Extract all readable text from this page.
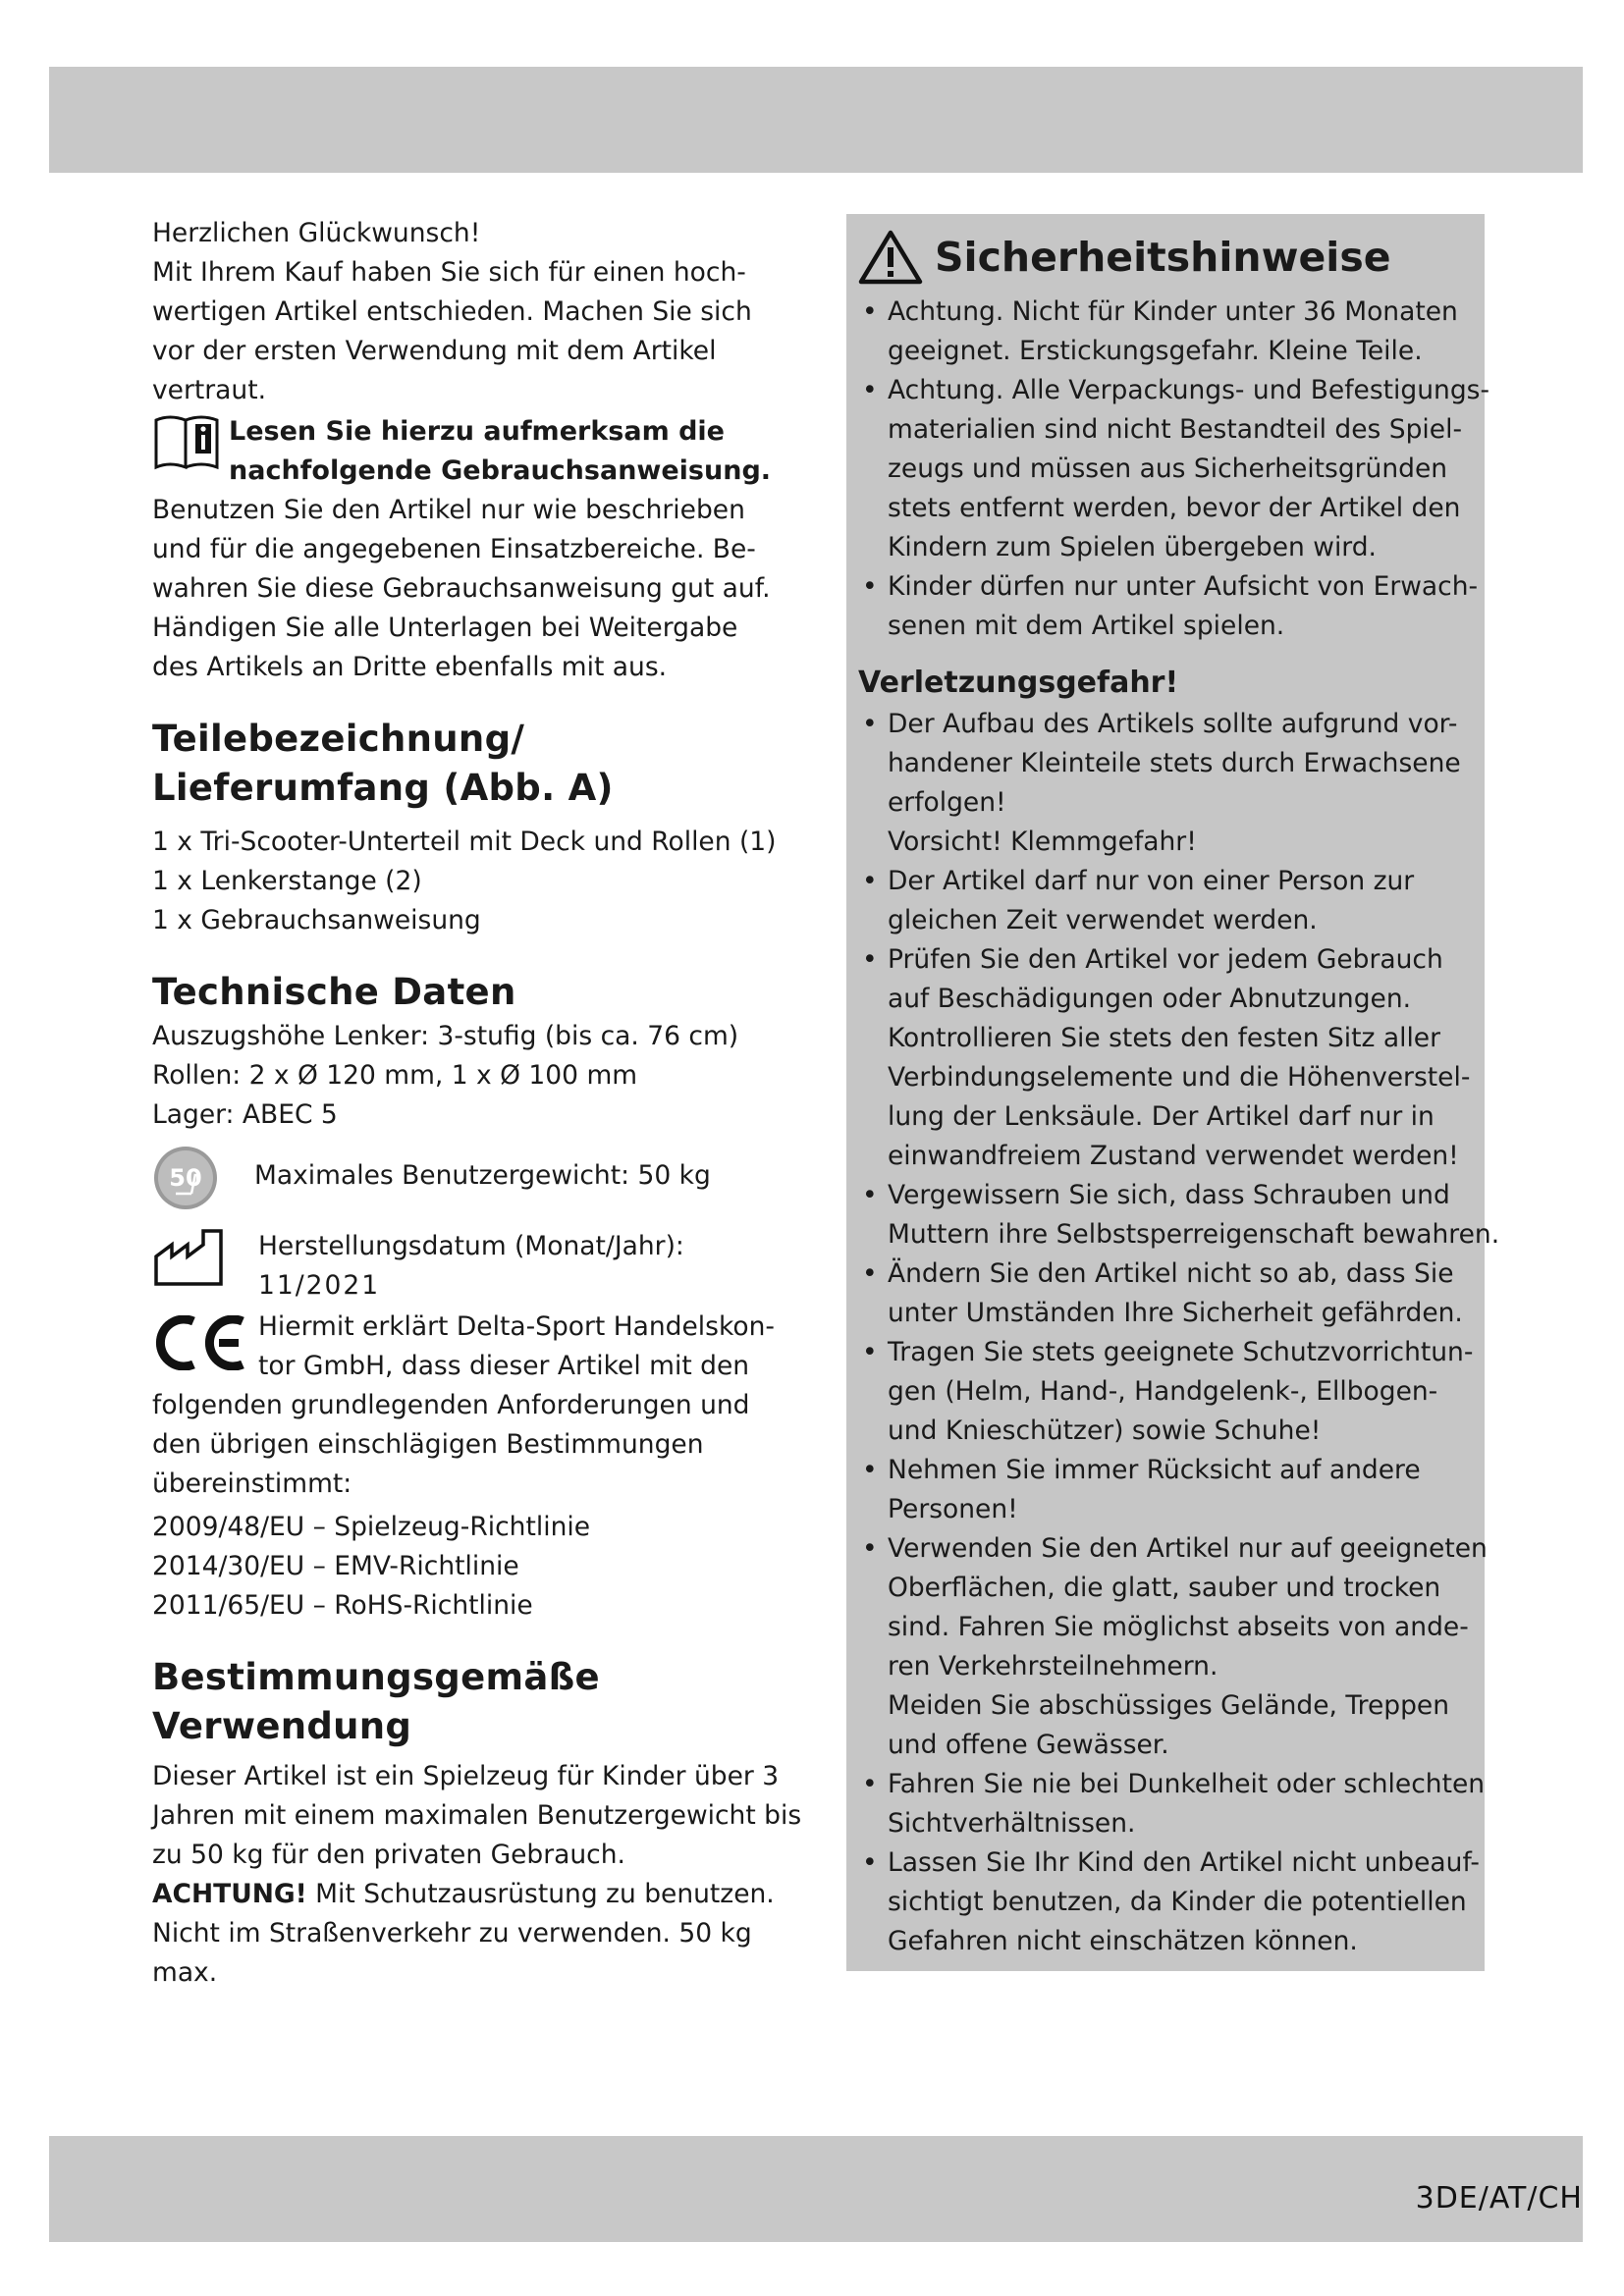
Herzlichen Glückwunsch!

Mit Ihrem Kauf haben Sie sich für einen hoch-

wertigen Artikel entschieden. Machen Sie sich

vor der ersten Verwendung mit dem Artikel

vertraut.

Lesen Sie hierzu aufmerksam die
nachfolgende Gebrauchsanweisung.

Benutzen Sie den Artikel nur wie beschrieben

und für die angegebenen Einsatzbereiche. Be-

wahren Sie diese Gebrauchsanweisung gut auf.

Händigen Sie alle Unterlagen bei Weitergabe

des Artikels an Dritte ebenfalls mit aus.

Teilebezeichnung/

Lieferumfang (Abb. A)

1 x Tri-Scooter-Unterteil mit Deck und Rollen (1)

1 x Lenkerstange (2)

1 x Gebrauchsanweisung

Technische Daten

Auszugshöhe Lenker: 3-stufig (bis ca. 76 cm)

Rollen: 2 x Ø 120 mm, 1 x Ø 100 mm

Lager: ABEC 5

50 Maximales Benutzergewicht: 50 kg

Herstellungsdatum (Monat/Jahr):

11/2021

Hiermit erklärt Delta-Sport Handelskon-

tor GmbH, dass dieser Artikel mit den

folgenden grundlegenden Anforderungen und

den übrigen einschlägigen Bestimmungen

übereinstimmt:

2009/48/EU – Spielzeug-Richtlinie

2014/30/EU – EMV-Richtlinie

2011/65/EU – RoHS-Richtlinie

Bestimmungsgemäße

Verwendung

Dieser Artikel ist ein Spielzeug für Kinder über 3

Jahren mit einem maximalen Benutzergewicht bis

zu 50 kg für den privaten Gebrauch.

ACHTUNG! Mit Schutzausrüstung zu benutzen.

Nicht im Straßenverkehr zu verwenden. 50 kg

max.

Sicherheitshinweise
• Achtung. Nicht für Kinder unter 36 Monaten
geeignet. Erstickungsgefahr. Kleine Teile.
• Achtung. Alle Verpackungs- und Befestigungs-
materialien sind nicht Bestandteil des Spiel-
zeugs und müssen aus Sicherheitsgründen
stets entfernt werden, bevor der Artikel den
Kindern zum Spielen übergeben wird.
• Kinder dürfen nur unter Aufsicht von Erwach-
senen mit dem Artikel spielen.

Verletzungsgefahr!

• Der Aufbau des Artikels sollte aufgrund vor-
handener Kleinteile stets durch Erwachsene
erfolgen!
Vorsicht! Klemmgefahr!
• Der Artikel darf nur von einer Person zur
gleichen Zeit verwendet werden.
• Prüfen Sie den Artikel vor jedem Gebrauch
auf Beschädigungen oder Abnutzungen.
Kontrollieren Sie stets den festen Sitz aller
Verbindungselemente und die Höhenverstel-
lung der Lenksäule. Der Artikel darf nur in
einwandfreiem Zustand verwendet werden!
• Vergewissern Sie sich, dass Schrauben und
Muttern ihre Selbstsperreigenschaft bewahren.
• Ändern Sie den Artikel nicht so ab, dass Sie
unter Umständen Ihre Sicherheit gefährden.
• Tragen Sie stets geeignete Schutzvorrichtun-
gen (Helm, Hand-, Handgelenk-, Ellbogen-
und Knieschützer) sowie Schuhe!
• Nehmen Sie immer Rücksicht auf andere
Personen!
• Verwenden Sie den Artikel nur auf geeigneten
Oberflächen, die glatt, sauber und trocken
sind. Fahren Sie möglichst abseits von ande-
ren Verkehrsteilnehmern.
Meiden Sie abschüssiges Gelände, Treppen
und offene Gewässer.
• Fahren Sie nie bei Dunkelheit oder schlechten
Sichtverhältnissen.
• Lassen Sie Ihr Kind den Artikel nicht unbeauf-
sichtigt benutzen, da Kinder die potentiellen
Gefahren nicht einschätzen können.
3DE/AT/CH
